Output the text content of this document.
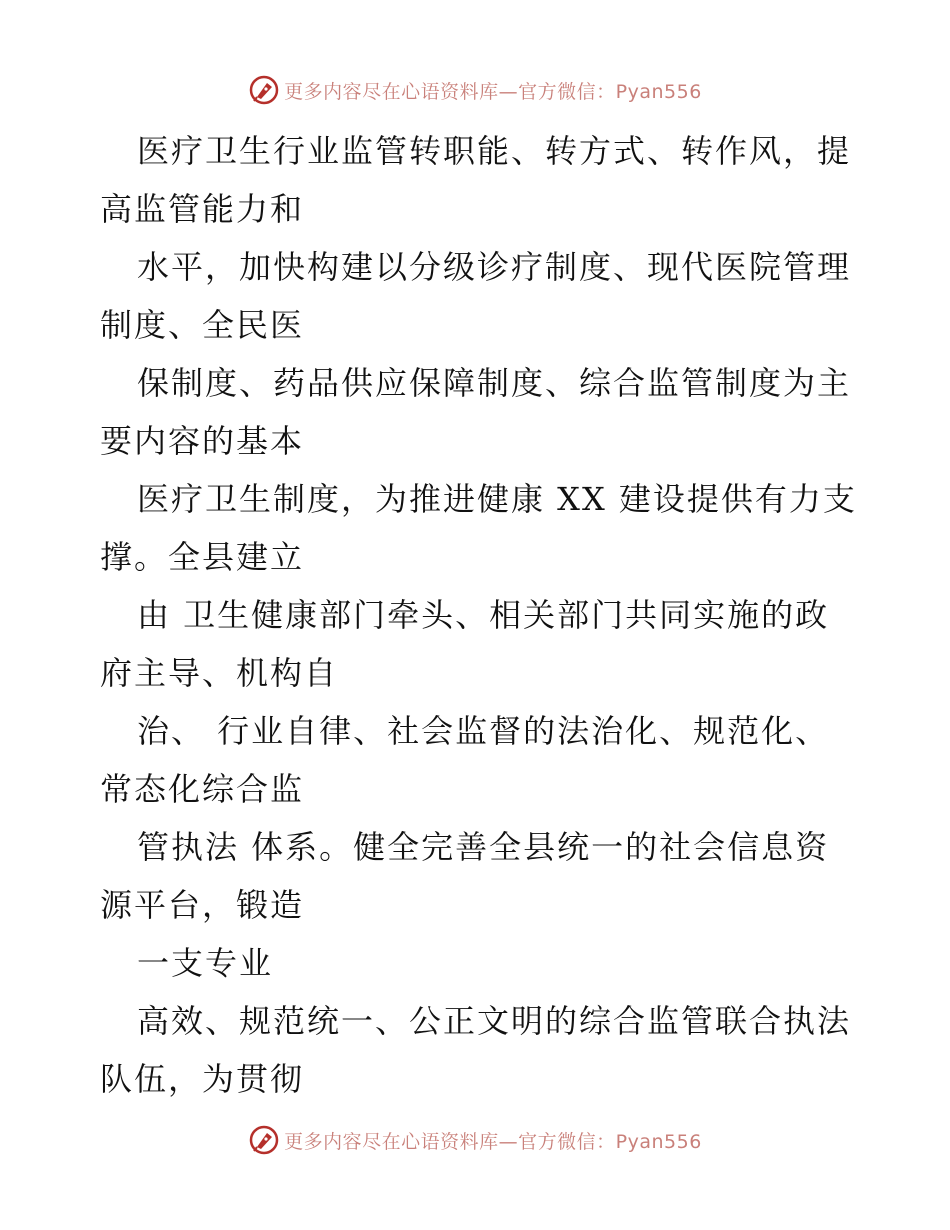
更多内容尽在心语资料库—官方微信：Pyan556

医疗卫生行业监管转职能、转方式、转作风，提
高监管能力和

水平，加快构建以分级诊疗制度、现代医院管理
制度、全民医

保制度、药品供应保障制度、综合监管制度为主
要内容的基本

医疗卫生制度，为推进健康 XX 建设提供有力支
撑。全县建立

由 卫生健康部门牵头、相关部门共同实施的政
府主导、机构自

治、 行业自律、社会监督的法治化、规范化、
常态化综合监

管执法 体系。健全完善全县统一的社会信息资
源平台，锻造

一支专业

高效、规范统一、公正文明的综合监管联合执法
队伍，为贯彻

更多内容尽在心语资料库—官方微信：Pyan556
